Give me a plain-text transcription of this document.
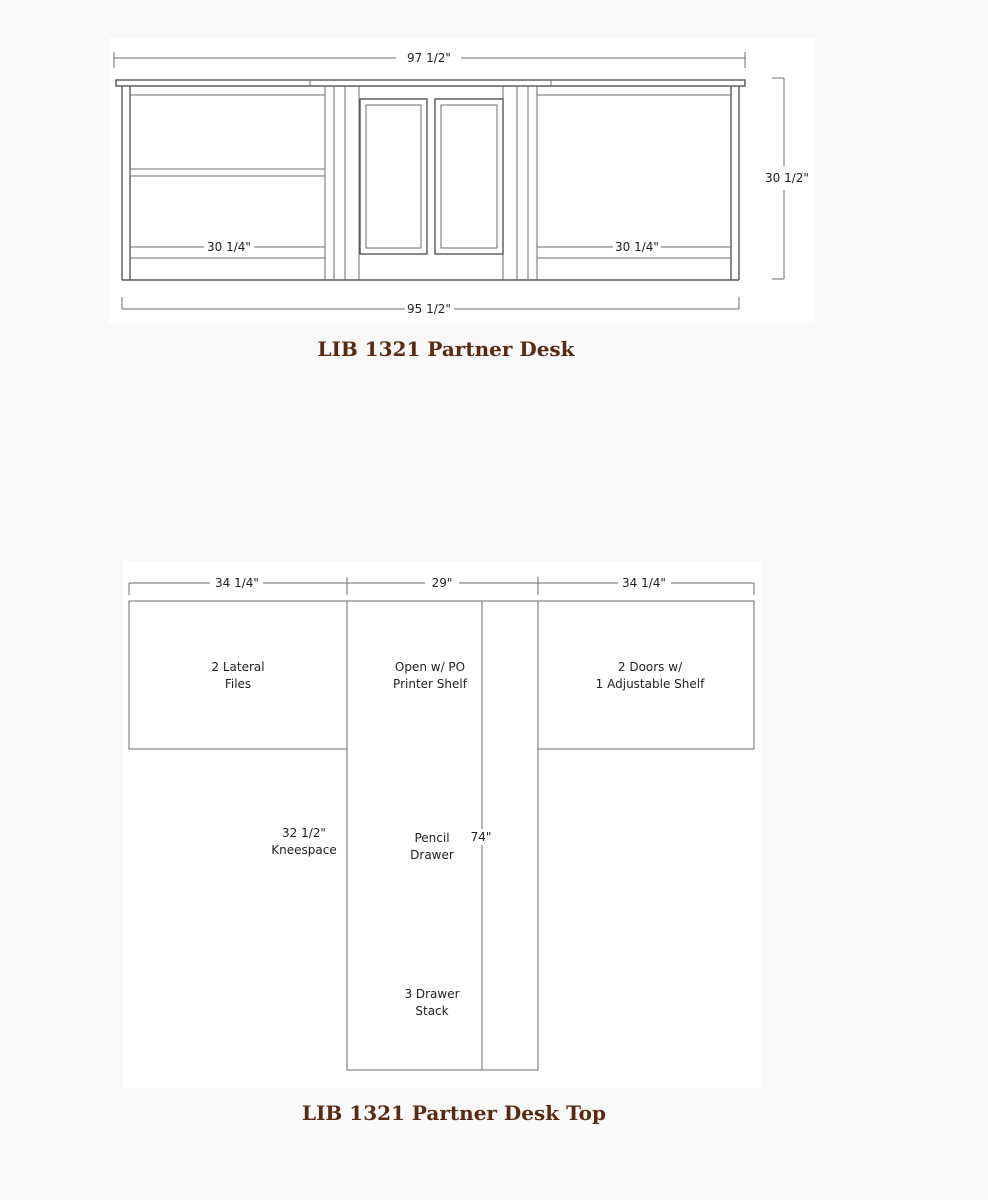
97 1/2"
30 1/4"	30 1/4"
30 1/2"
95 1/2"
LIB 1321 Partner Desk
34 1/4"	29"	34 1/4"
2 Lateral
Files
Open w/ PO
Printer Shelf
2 Doors w/
1 Adjustable Shelf
32 1/2"
Kneespace
Pencil
Drawer
74"
3 Drawer
Stack
LIB 1321 Partner Desk Top
